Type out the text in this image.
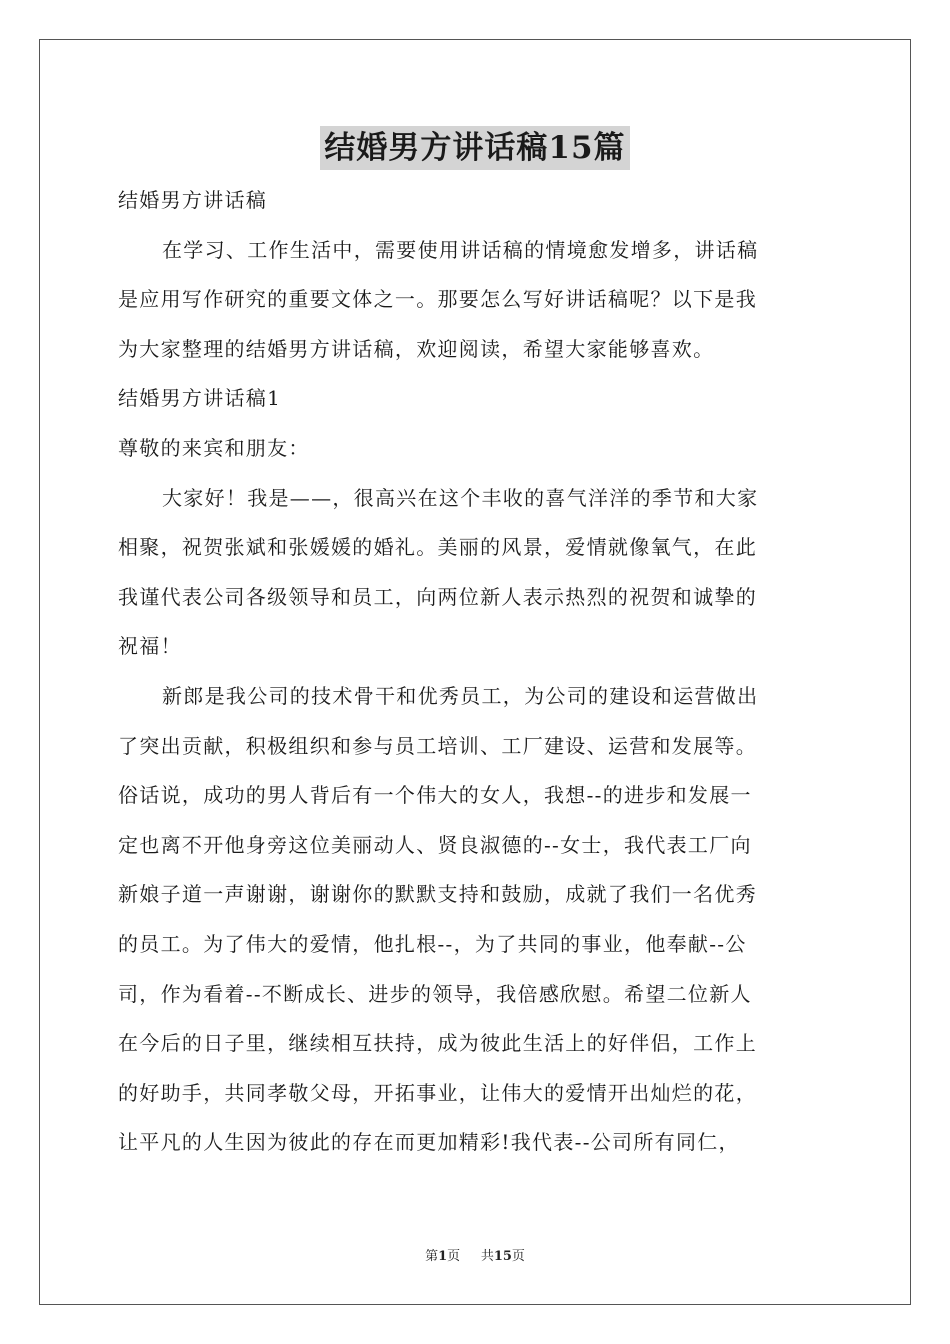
结婚男方讲话稿15篇
结婚男方讲话稿
在学习、工作生活中，需要使用讲话稿的情境愈发增多，讲话稿
是应用写作研究的重要文体之一。那要怎么写好讲话稿呢？以下是我
为大家整理的结婚男方讲话稿，欢迎阅读，希望大家能够喜欢。
结婚男方讲话稿1
尊敬的来宾和朋友：
大家好！我是——，很高兴在这个丰收的喜气洋洋的季节和大家
相聚，祝贺张斌和张媛媛的婚礼。美丽的风景，爱情就像氧气，在此
我谨代表公司各级领导和员工，向两位新人表示热烈的祝贺和诚挚的
祝福！
新郎是我公司的技术骨干和优秀员工，为公司的建设和运营做出
了突出贡献，积极组织和参与员工培训、工厂建设、运营和发展等。
俗话说，成功的男人背后有一个伟大的女人，我想--的进步和发展一
定也离不开他身旁这位美丽动人、贤良淑德的--女士，我代表工厂向
新娘子道一声谢谢，谢谢你的默默支持和鼓励，成就了我们一名优秀
的员工。为了伟大的爱情，他扎根--，为了共同的事业，他奉献--公
司，作为看着--不断成长、进步的领导，我倍感欣慰。希望二位新人
在今后的日子里，继续相互扶持，成为彼此生活上的好伴侣，工作上
的好助手，共同孝敬父母，开拓事业，让伟大的爱情开出灿烂的花，
让平凡的人生因为彼此的存在而更加精彩!我代表--公司所有同仁，
第1页 共15页
